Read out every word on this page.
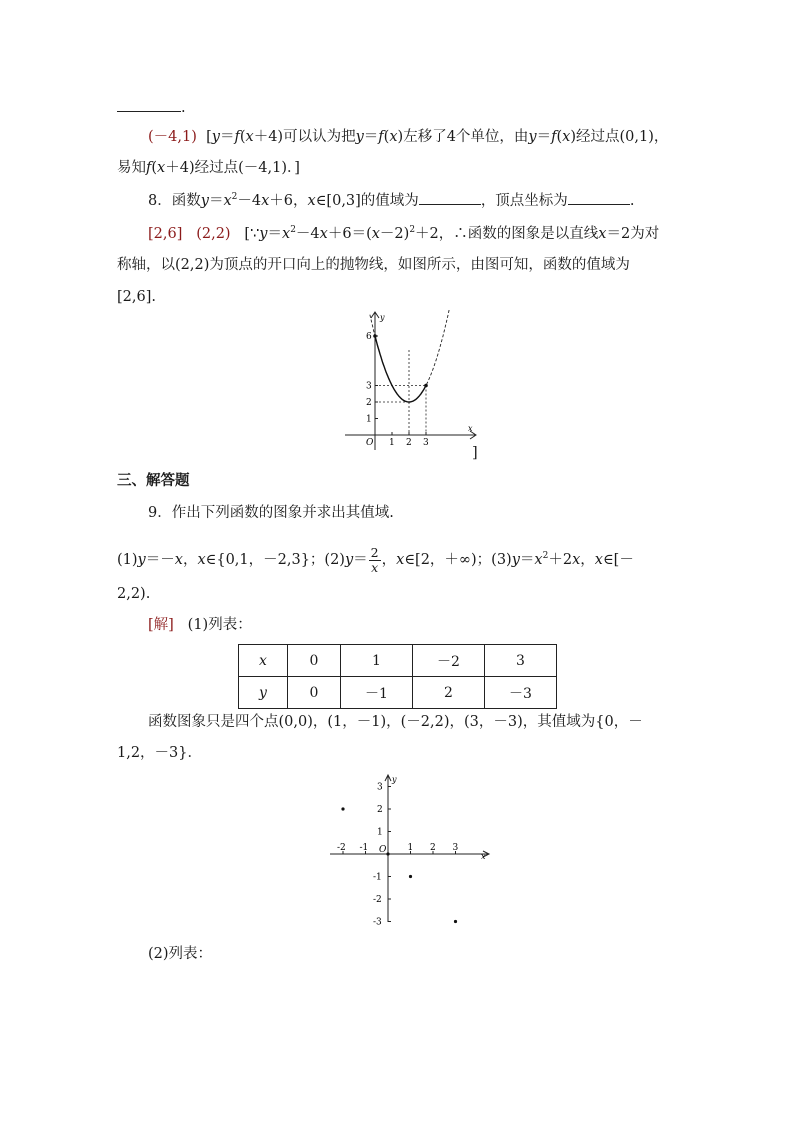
.
(－4,1) [y＝f(x＋4)可以认为把y＝f(x)左移了4个单位，由y＝f(x)经过点(0,1)，
易知f(x＋4)经过点(－4,1)．]
8．函数$y=x^2-4x+6$，x∈[0,3]的值域为	，顶点坐标为	.
[2,6] (2,2) [$\because y=x^2-4x+6=(x-2)^2+2$，∴函数的图象是以直线x＝2为对
称轴，以(2,2)为顶点的开口向上的抛物线，如图所示，由图可知，函数的值域为
[2,6].
x
y
O 1 2 3
1
2
3
6
]
三、解答题
9．作出下列函数的图象并求出其值域.
(1)y＝－x，x∈{0,1，－2,3}；$(2)y= \frac{2}{x}$ ，x∈[2，＋∞)；$(3)y=x^2+2x$，x∈[－
2,2).
[解] (1)列表：
x	0	1	－2	3
y	0	－1	2	－3
函数图象只是四个点(0,0)，(1，－1)，(－2,2)，(3，－3)，其值域为{0，－
1,2，－3}．
x
y
O
-2 -1	1 2 3
3
2
1
-1
-2
-3
(2)列表：
